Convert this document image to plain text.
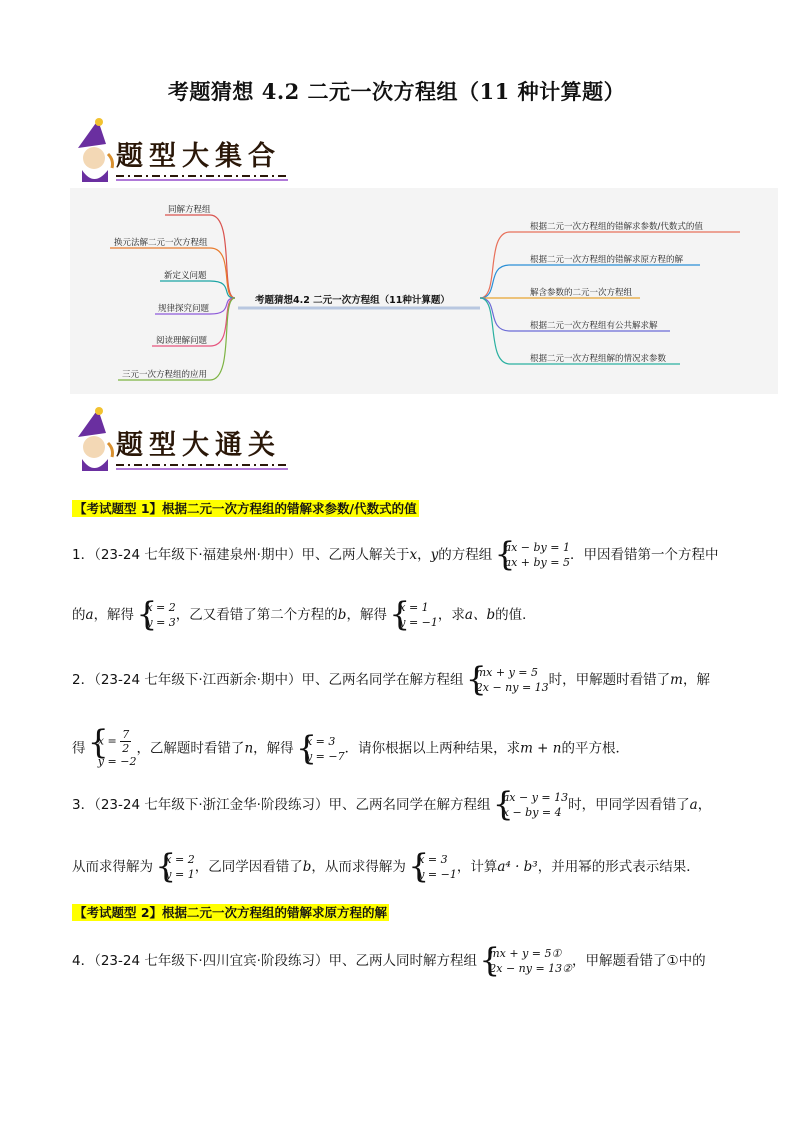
考题猜想 4.2 二元一次方程组（11 种计算题）
题型大集合
同解方程组
换元法解二元一次方程组
新定义问题
规律探究问题
阅读理解问题
三元一次方程组的应用
考题猜想4.2 二元一次方程组（11种计算题）
根据二元一次方程组的错解求参数/代数式的值
根据二元一次方程组的错解求原方程的解
解含参数的二元一次方程组
根据二元一次方程组有公共解求解
根据二元一次方程组解的情况求参数
题型大通关
【考试题型 1】根据二元一次方程组的错解求参数/代数式的值
1．（23-24 七年级下·福建泉州·期中）甲、乙两人解关于x，y的方程组 { ax − by = 1
ax + by = 5 ．甲因看错第一个方程中
的a，解得 { x = 2
y = 3 ，乙又看错了第二个方程的b，解得 { x = 1
y = −1 ，求a、b的值．
2．（23-24 七年级下·江西新余·期中）甲、乙两名同学在解方程组 { mx + y = 5
2x − ny = 13 时，甲解题时看错了m，解
得 { $x = \frac{7}{2}$
y = −2
，乙解题时看错了n，解得 { x = 3
y = −7 ．请你根据以上两种结果，求m + n的平方根．
3．（23-24 七年级下·浙江金华·阶段练习）甲、乙两名同学在解方程组 { ax − y = 13
x − by = 4 时，甲同学因看错了a，
从而求得解为 { x = 2
y = 1 ，乙同学因看错了b，从而求得解为 { x = 3
y = −1 ，计算a⁴ · b³，并用幂的形式表示结果．
【考试题型 2】根据二元一次方程组的错解求原方程的解
4．（23-24 七年级下·四川宜宾·阶段练习）甲、乙两人同时解方程组 { mx + y = 5①
2x − ny = 13② ，甲解题看错了①中的
